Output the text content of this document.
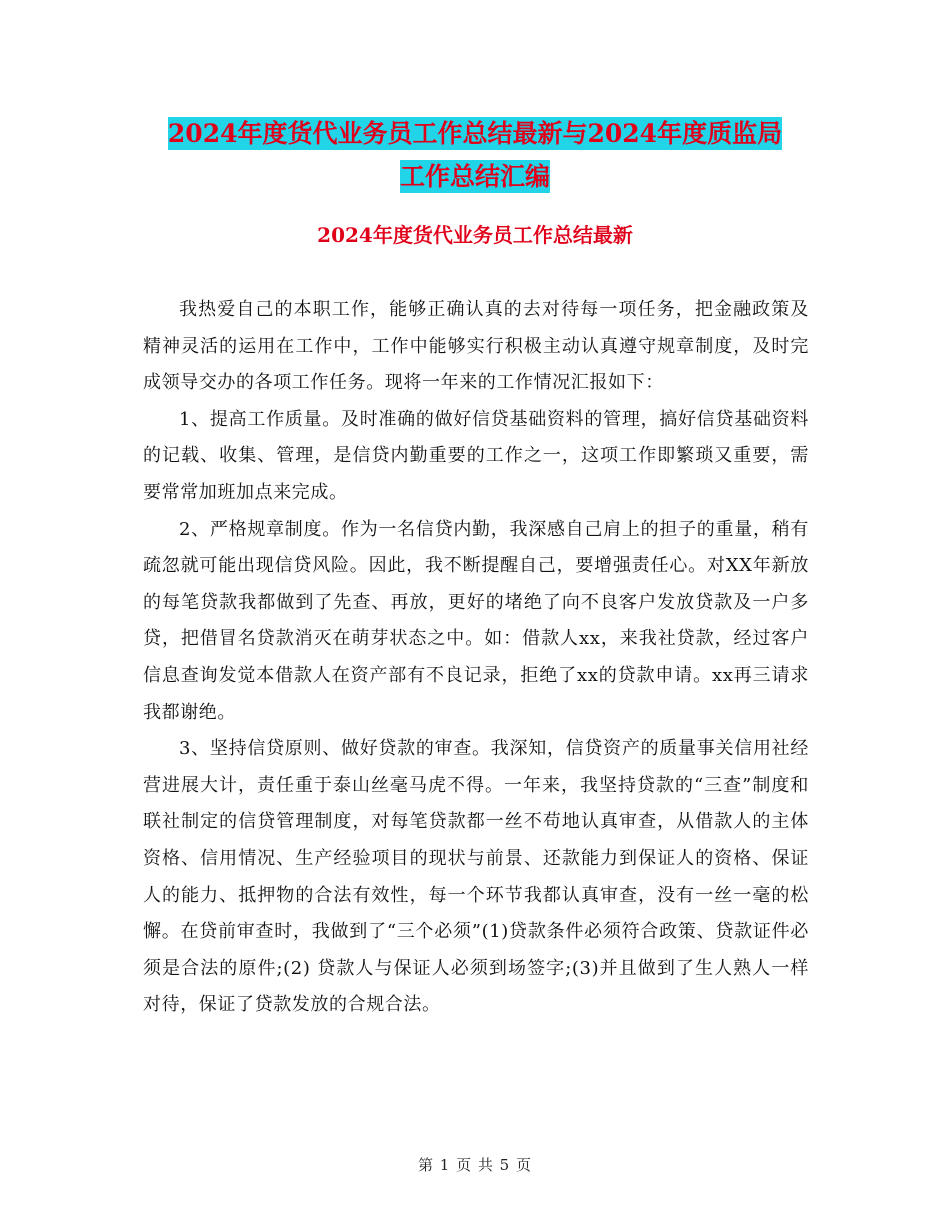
2024年度货代业务员工作总结最新与2024年度质监局
工作总结汇编
2024年度货代业务员工作总结最新

我热爱自己的本职工作，能够正确认真的去对待每一项任务，把金融政策及精神灵活的运用在工作中，工作中能够实行积极主动认真遵守规章制度，及时完成领导交办的各项工作任务。现将一年来的工作情况汇报如下：

1、提高工作质量。及时准确的做好信贷基础资料的管理，搞好信贷基础资料的记载、收集、管理，是信贷内勤重要的工作之一，这项工作即繁琐又重要，需要常常加班加点来完成。

2、严格规章制度。作为一名信贷内勤，我深感自己肩上的担子的重量，稍有疏忽就可能出现信贷风险。因此，我不断提醒自己，要增强责任心。对XX年新放的每笔贷款我都做到了先查、再放，更好的堵绝了向不良客户发放贷款及一户多贷，把借冒名贷款消灭在萌芽状态之中。如：借款人xx，来我社贷款，经过客户信息查询发觉本借款人在资产部有不良记录，拒绝了xx的贷款申请。xx再三请求我都谢绝。

3、坚持信贷原则、做好贷款的审查。我深知，信贷资产的质量事关信用社经营进展大计，责任重于泰山丝毫马虎不得。一年来，我坚持贷款的“三查”制度和联社制定的信贷管理制度，对每笔贷款都一丝不苟地认真审查，从借款人的主体资格、信用情况、生产经验项目的现状与前景、还款能力到保证人的资格、保证人的能力、抵押物的合法有效性，每一个环节我都认真审查，没有一丝一毫的松懈。在贷前审查时，我做到了“三个必须”(1)贷款条件必须符合政策、贷款证件必须是合法的原件;(2) 贷款人与保证人必须到场签字;(3)并且做到了生人熟人一样对待，保证了贷款发放的合规合法。

第 1 页 共 5 页
